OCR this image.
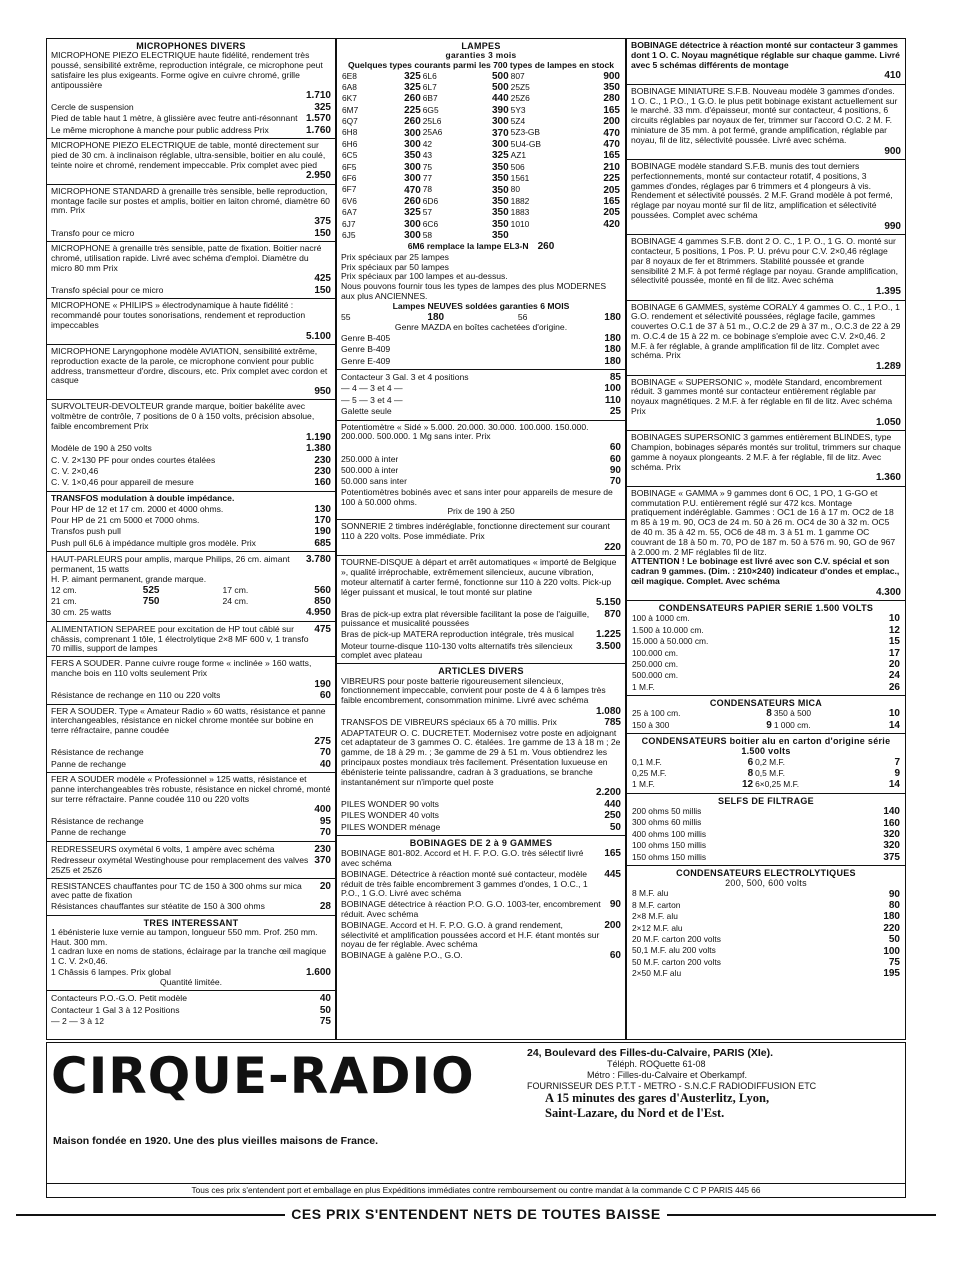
MICROPHONES DIVERS
MICROPHONE PIEZO ELECTRIQUE haute fidélité, rendement très poussé, sensibilité extrême, reproduction intégrale, ce microphone peut satisfaire les plus exigeants. Forme ogive en cuivre chromé, grille antipoussière
1.710
Cercle de suspension	325
Pied de table haut 1 mètre, à glissière avec feutre anti-résonnant 1.570
Le même microphone à manche pour public address Prix	1.760
MICROPHONE PIEZO ELECTRIQUE de table, monté directement sur pied de 30 cm. à inclinaison réglable, ultra-sensible, boitier en alu coulé, teinte noire et chromé, rendement impeccable. Prix complet avec pied
2.950
MICROPHONE STANDARD à grenaille très sensible, belle reproduction, montage facile sur postes et amplis, boitier en laiton chromé, diamètre 60 mm. Prix
375
Transfo pour ce micro	150
MICROPHONE à grenaille très sensible, patte de fixation. Boitier nacré chromé, utilisation rapide. Livré avec schéma d'emploi. Diamètre du micro 80 mm Prix
425
Transfo spécial pour ce micro	150
MICROPHONE « PHILIPS » électrodynamique à haute fidélité : recommandé pour toutes sonorisations, rendement et reproduction impeccables
5.100
MICROPHONE Laryngophone modèle AVIATION, sensibilité extrême, reproduction exacte de la parole, ce microphone convient pour public address, transmetteur d'ordre, discours, etc. Prix complet avec cordon et casque
950
SURVOLTEUR-DEVOLTEUR grande marque, boitier bakélite avec voltmètre de contrôle, 7 positions de 0 à 150 volts, précision absolue, faible encombrement Prix
1.190
Modèle de 190 à 250 volts	1.380
C. V. 2×130 PF pour ondes courtes étalées	230
C. V. 2×0,46	230
C. V. 1×0,46 pour appareil de mesure	160
TRANSFOS modulation à double impédance.
Pour HP de 12 et 17 cm. 2000 et 4000 ohms.	130
Pour HP de 21 cm 5000 et 7000 ohms.	170
Transfos push pull	190
Push pull 6L6 à impédance multiple gros modèle. Prix	685
HAUT-PARLEURS pour amplis, marque Philips, 26 cm. aimant permanent, 15 watts
3.780
H. P. aimant permanent, grande marque.
12 cm.	525	17 cm.	560
21 cm.	750	24 cm.	850
30 cm. 25 watts	4.950
ALIMENTATION SEPAREE pour excitation de HP tout câblé sur châssis, comprenant 1 tôle, 1 électrolytique 2×8 MF 600 v, 1 transfo 70 millis, support de lampes
475
FERS A SOUDER. Panne cuivre rouge forme « inclinée » 160 watts, manche bois en 110 volts seulement Prix
190
Résistance de rechange en 110 ou 220 volts	60
FER A SOUDER. Type « Amateur Radio » 60 watts, résistance et panne interchangeables, résistance en nickel chrome montée sur bobine en terre réfractaire, panne coudée
275
Résistance de rechange	70
Panne de rechange	40
FER A SOUDER modèle « Professionnel » 125 watts, résistance et panne interchangeables très robuste, résistance en nickel chromé, monté sur terre réfractaire. Panne coudée 110 ou 220 volts
400
Résistance de rechange	95
Panne de rechange	70
REDRESSEURS oxymétal 6 volts, 1 ampère avec schéma	230
Redresseur oxymétal Westinghouse pour remplacement des valves 25Z5 et 25Z6
370
RESISTANCES chauffantes pour TC de 150 à 300 ohms sur mica avec patte de fixation
20
Résistances chauffantes sur stéatite de 150 à 300 ohms	28
TRES INTERESSANT
1 ébénisterie luxe vernie au tampon, longueur 550 mm. Prof. 250 mm. Haut. 300 mm.
1 cadran luxe en noms de stations, éclairage par la tranche œil magique
1 C. V. 2×0,46.
1 Châssis 6 lampes. Prix global	1.600
Quantité limitée.
Contacteurs P.O.-G.O. Petit modèle	40
Contacteur 1 Gal 3 à 12 Positions	50
— 2 — 3 à 12	75
LAMPES
garanties 3 mois
Quelques types courants parmi les 700 types de lampes en stock
6E8	325	6L6	500	807	900
6A8	325	6L7	500	25Z5	350
6K7	260	6B7	440	25Z6	280
6M7	225	6G5	390	5Y3	165
6Q7	260	25L6	300	5Z4	200
6H8	300	25A6	370	5Z3-GB	470
6H6	300	42	300	5U4-GB	470
6C5	350	43	325	AZ1	165
6F5	300	75	350	506	210
6F6	300	77	350	1561	225
6F7	470	78	350	80	205
6V6	260	6D6	350	1882	165
6A7	325	57	350	1883	205
6J7	300	6C6	350	1010	420
6J5	300	58	350		
6M6 remplace la lampe EL3-N 260
Prix spéciaux par 25 lampes
Prix spéciaux par 50 lampes
Prix spéciaux par 100 lampes et au-dessus.
Nous pouvons fournir tous les types de lampes des plus MODERNES aux plus ANCIENNES.
Lampes NEUVES soldées garanties 6 MOIS
55	180	56	180
Genre MAZDA en boîtes cachetées d'origine.
Genre B-405	180
Genre B-409	180
Genre E-409	180
Contacteur 3 Gal. 3 et 4 positions	85
— 4 — 3 et 4 —	100
— 5 — 3 et 4 —	110
Galette seule	25
Potentiomètre « Sidé » 5.000. 20.000. 30.000. 100.000. 150.000. 200.000. 500.000. 1 Mg sans inter. Prix
60
250.000 à inter	60
500.000 à inter	90
50.000 sans inter	70
Potentiomètres bobinés avec et sans inter pour appareils de mesure de 100 à 50.000 ohms.
Prix de 190 à 250
SONNERIE 2 timbres indéréglable, fonctionne directement sur courant 110 à 220 volts. Pose immédiate. Prix
220
TOURNE-DISQUE à départ et arrêt automatiques « importé de Belgique », qualité irréprochable, extrêmement silencieux, aucune vibration, moteur alternatif à carter fermé, fonctionne sur 110 à 220 volts. Pick-up léger puissant et musical, le tout monté sur platine
5.150
Bras de pick-up extra plat réversible facilitant la pose de l'aiguille, puissance et musicalité poussées
870
Bras de pick-up MATERA reproduction intégrale, très musical	1.225
Moteur tourne-disque 110-130 volts alternatifs très silencieux complet avec plateau
3.500
ARTICLES DIVERS
VIBREURS pour poste batterie rigoureusement silencieux, fonctionnement impeccable, convient pour poste de 4 à 6 lampes très faible encombrement, consommation minime. Livré avec schéma
1.080
TRANSFOS DE VIBREURS spéciaux 65 à 70 millis. Prix	785
ADAPTATEUR O. C. DUCRETET. Modernisez votre poste en adjoignant cet adaptateur de 3 gammes O. C. étalées. 1re gamme de 13 à 18 m ; 2e gamme, de 18 à 29 m. ; 3e gamme de 29 à 51 m. Vous obtiendrez les principaux postes mondiaux très facilement. Présentation luxueuse en ébénisterie teinte palissandre, cadran à 3 graduations, se branche instantanément sur n'importe quel poste
2.200
PILES WONDER 90 volts	440
PILES WONDER 40 volts	250
PILES WONDER ménage	50
BOBINAGES DE 2 à 9 GAMMES
BOBINAGE 801-802. Accord et H. F. P.O. G.O. très sélectif livré avec schéma
165
BOBINAGE. Détectrice à réaction monté sué contacteur, modèle réduit de très faible encombrement 3 gammes d'ondes, 1 O.C., 1 P.O., 1 G.O. Livré avec schéma
445
BOBINAGE détectrice à réaction P.O. G.O. 1003-ter, encombrement réduit. Avec schéma
90
BOBINAGE. Accord et H. F. P.O. G.O. à grand rendement, sélectivité et amplification poussées accord et H.F. étant montés sur noyau de fer réglable. Avec schéma
200
BOBINAGE à galène P.O., G.O.	60
BOBINAGE détectrice à réaction monté sur contacteur 3 gammes dont 1 O. C. Noyau magnétique réglable sur chaque gamme. Livré avec 5 schémas différents de montage
410
BOBINAGE MINIATURE S.F.B. Nouveau modèle 3 gammes d'ondes. 1 O. C., 1 P.O., 1 G.O. le plus petit bobinage existant actuellement sur le marché. 33 mm. d'épaisseur, monté sur contacteur, 4 positions, 6 circuits réglables par noyaux de fer, trimmer sur l'accord O.C. 2 M. F. miniature de 35 mm. à pot fermé, grande amplification, réglable par noyau, fil de litz, sélectivité poussée. Livré avec schéma.
900
BOBINAGE modèle standard S.F.B. munis des tout derniers perfectionnements, monté sur contacteur rotatif, 4 positions, 3 gammes d'ondes, réglages par 6 trimmers et 4 plongeurs à vis. Rendement et sélectivité poussés. 2 M.F. Grand modèle à pot fermé, réglage par noyau monté sur fil de litz, amplification et sélectivité poussées. Complet avec schéma
990
BOBINAGE 4 gammes S.F.B. dont 2 O. C., 1 P. O., 1 G. O. monté sur contacteur, 5 positions, 1 Pos. P. U. prévu pour C.V. 2×0,46 réglage par 8 noyaux de fer et 8trimmers. Stabilité poussée et grande sensibilité 2 M.F. à pot fermé réglage par noyau. Grande amplification, sélectivité poussée, monté en fil de litz. Avec schéma
1.395
BOBINAGE 6 GAMMES, système CORALY 4 gammes O. C., 1 P.O., 1 G.O. rendement et sélectivité poussées, réglage facile, gammes couvertes O.C.1 de 37 à 51 m., O.C.2 de 29 à 37 m., O.C.3 de 22 à 29 m. O.C.4 de 15 à 22 m. ce bobinage s'emploie avec C.V. 2×0,46. 2 M.F. à fer réglable, à grande amplification fil de litz. Complet avec schéma. Prix
1.289
BOBINAGE « SUPERSONIC », modèle Standard, encombrement réduit. 3 gammes monté sur contacteur entièrement réglable par noyaux magnétiques. 2 M.F. à fer réglable en fil de litz. Avec schéma Prix
1.050
BOBINAGES SUPERSONIC 3 gammes entièrement BLINDES, type Champion, bobinages séparés montés sur trolitul, trimmers sur chaque gamme à noyaux plongeants. 2 M.F. à fer réglable, fil de litz. Avec schéma. Prix
1.360
BOBINAGE « GAMMA » 9 gammes dont 6 OC, 1 PO, 1 G-GO et commutation P.U. entièrement réglé sur 472 kcs. Montage pratiquement indéréglable. Gammes : OC1 de 16 à 17 m. OC2 de 18 m 85 à 19 m. 90, OC3 de 24 m. 50 à 26 m. OC4 de 30 à 32 m. OC5 de 40 m. 35 à 42 m. 55, OC6 de 48 m. 3 à 51 m. 1 gamme OC couvrant de 18 à 50 m. 70, PO de 187 m. 50 à 576 m. 90, GO de 967 à 2.000 m. 2 MF réglables fil de litz.
ATTENTION ! Le bobinage est livré avec son C.V. spécial et son cadran 9 gammes. (Dim. : 210×240) indicateur d'ondes et emplac., œil magique. Complet. Avec schéma
4.300
CONDENSATEURS PAPIER SERIE 1.500 VOLTS
100 à 1000 cm.	10
1.500 à 10.000 cm.	12
15.000 à 50.000 cm.	15
100.000 cm.	17
250.000 cm.	20
500.000 cm.	24
1 M.F.	26
CONDENSATEURS MICA
25 à 100 cm.	8	350 à 500	10
150 à 300	9	1 000 cm.	14
CONDENSATEURS boitier alu en carton d'origine série 1.500 volts
0,1 M.F.	6	0,2 M.F.	7
0,25 M.F.	8	0,5 M.F.	9
1 M.F.	12	6×0,25 M.F.	14
SELFS DE FILTRAGE
200 ohms 50 millis	140
300 ohms 60 millis	160
400 ohms 100 millis	320
100 ohms 150 millis	320
150 ohms 150 millis	375
CONDENSATEURS ELECTROLYTIQUES
200, 500, 600 volts
8 M.F. alu	90
8 M.F. carton	80
2×8 M.F. alu	180
2×12 M.F. alu	220
20 M.F. carton 200 volts	50
50,1 M.F. alu 200 volts	100
50 M.F. carton 200 volts	75
2×50 M.F alu	195
CIRQUE-RADIO
Maison fondée en 1920. Une des plus vieilles maisons de France.
24, Boulevard des Filles-du-Calvaire, PARIS (XIe).
Téléph. ROQuette 61-08
Métro : Filles-du-Calvaire et Oberkampf.
FOURNISSEUR DES P.T.T - METRO - S.N.C.F RADIODIFFUSION ETC
A 15 minutes des gares d'Austerlitz, Lyon,
Saint-Lazare, du Nord et de l'Est.
Tous ces prix s'entendent port et emballage en plus Expéditions immédiates contre remboursement ou contre mandat à la commande C C P PARIS 445 66
CES PRIX S'ENTENDENT NETS DE TOUTES BAISSE
